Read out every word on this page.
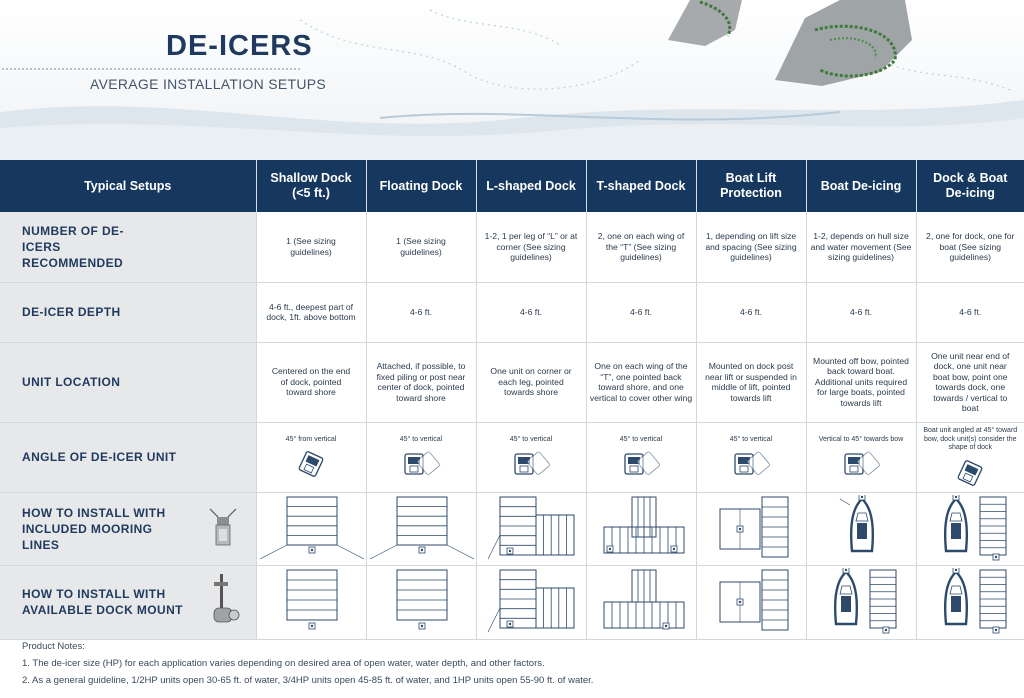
DE-ICERS
AVERAGE INSTALLATION SETUPS
Typical Setups	Shallow Dock (<5 ft.)	Floating Dock	L-shaped Dock	T-shaped Dock	Boat Lift Protection	Boat De-icing	Dock & Boat De-icing

NUMBER OF DE-ICERS RECOMMENDED	1 (See sizing guidelines)	1 (See sizing guidelines)	1-2, 1 per leg of “L” or at corner (See sizing guidelines)	2, one on each wing of the “T” (See sizing guidelines)	1, depending on lift size and spacing (See sizing guidelines)	1-2, depends on hull size and water movement (See sizing guidelines)	2, one for dock, one for boat (See sizing guidelines)
DE-ICER DEPTH	4-6 ft., deepest part of dock, 1ft. above bottom	4-6 ft.	4-6 ft.	4-6 ft.	4-6 ft.	4-6 ft.	4-6 ft.
UNIT LOCATION	Centered on the end of dock, pointed toward shore	Attached, if possible, to fixed piling or post near center of dock, pointed toward shore	One unit on corner or each leg, pointed towards shore	One on each wing of the “T”, one pointed back toward shore, and one vertical to cover other wing	Mounted on dock post near lift or suspended in middle of lift, pointed towards lift	Mounted off bow, pointed back toward boat. Additional units required for large boats, pointed towards lift	One unit near end of dock, one unit near boat bow, point one towards dock, one towards / vertical to boat
ANGLE OF DE-ICER UNIT	45° from vertical	45° to vertical	45° to vertical	45° to vertical	45° to vertical	Vertical to 45° towards bow	Boat unit angled at 45° toward bow, dock unit(s) consider the shape of dock

HOW TO INSTALL WITH INCLUDED MOORING LINES

HOW TO INSTALL WITH AVAILABLE DOCK MOUNT

Product Notes:
1. The de-icer size (HP) for each application varies depending on desired area of open water, water depth, and other factors.
2. As a general guideline, 1/2HP units open 30-65 ft. of water, 3/4HP units open 45-85 ft. of water, and 1HP units open 55-90 ft. of water.
